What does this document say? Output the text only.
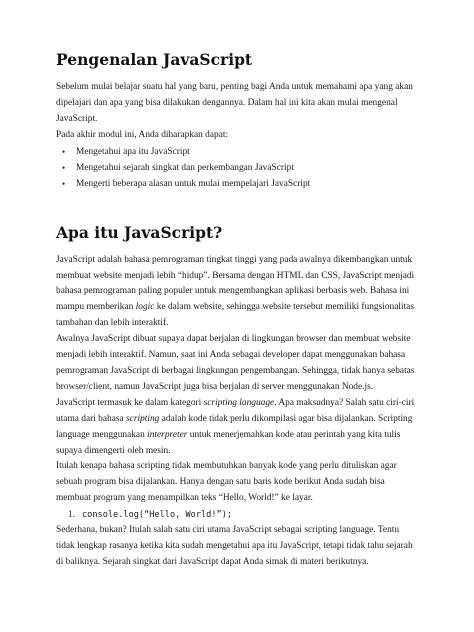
Pengenalan JavaScript

Sebelum mulai belajar suatu hal yang baru, penting bagi Anda untuk memahami apa yang akan dipelajari dan apa yang bisa dilakukan dengannya. Dalam hal ini kita akan mulai mengenal JavaScript.

Pada akhir modul ini, Anda diharapkan dapat:

• Mengetahui apa itu JavaScript
• Mengetahui sejarah singkat dan perkembangan JavaScript
• Mengerti beberapa alasan untuk mulai mempelajari JavaScript
Apa itu JavaScript?

JavaScript adalah bahasa pemrograman tingkat tinggi yang pada awalnya dikembangkan untuk membuat website menjadi lebih “hidup”. Bersama dengan HTML dan CSS, JavaScript menjadi bahasa pemrograman paling populer untuk mengembangkan aplikasi berbasis web. Bahasa ini mampu memberikan logic ke dalam website, sehingga website tersebut memiliki fungsionalitas tambahan dan lebih interaktif.

Awalnya JavaScript dibuat supaya dapat berjalan di lingkungan browser dan membuat website menjadi lebih interaktif. Namun, saat ini Anda sebagai developer dapat menggunakan bahasa pemrograman JavaScript di berbagai lingkungan pengembangan. Sehingga, tidak hanya sebatas browser/client, namun JavaScript juga bisa berjalan di server menggunakan Node.js.

JavaScript termasuk ke dalam kategori scripting language. Apa maksudnya? Salah satu ciri-ciri utama dari bahasa scripting adalah kode tidak perlu dikompilasi agar bisa dijalankan. Scripting language menggunakan interpreter untuk menerjemahkan kode atau perintah yang kita tulis supaya dimengerti oleh mesin.

Itulah kenapa bahasa scripting tidak membutuhkan banyak kode yang perlu dituliskan agar sebuah program bisa dijalankan. Hanya dengan satu baris kode berikut Anda sudah bisa membuat program yang menampilkan teks “Hello, World!” ke layar.

1. console.log(“Hello, World!”);

Sederhana, bukan? Itulah salah satu ciri utama JavaScript sebagai scripting language. Tentu tidak lengkap rasanya ketika kita sudah mengetahui apa itu JavaScript, tetapi tidak tahu sejarah di baliknya. Sejarah singkat dari JavaScript dapat Anda simak di materi berikutnya.
